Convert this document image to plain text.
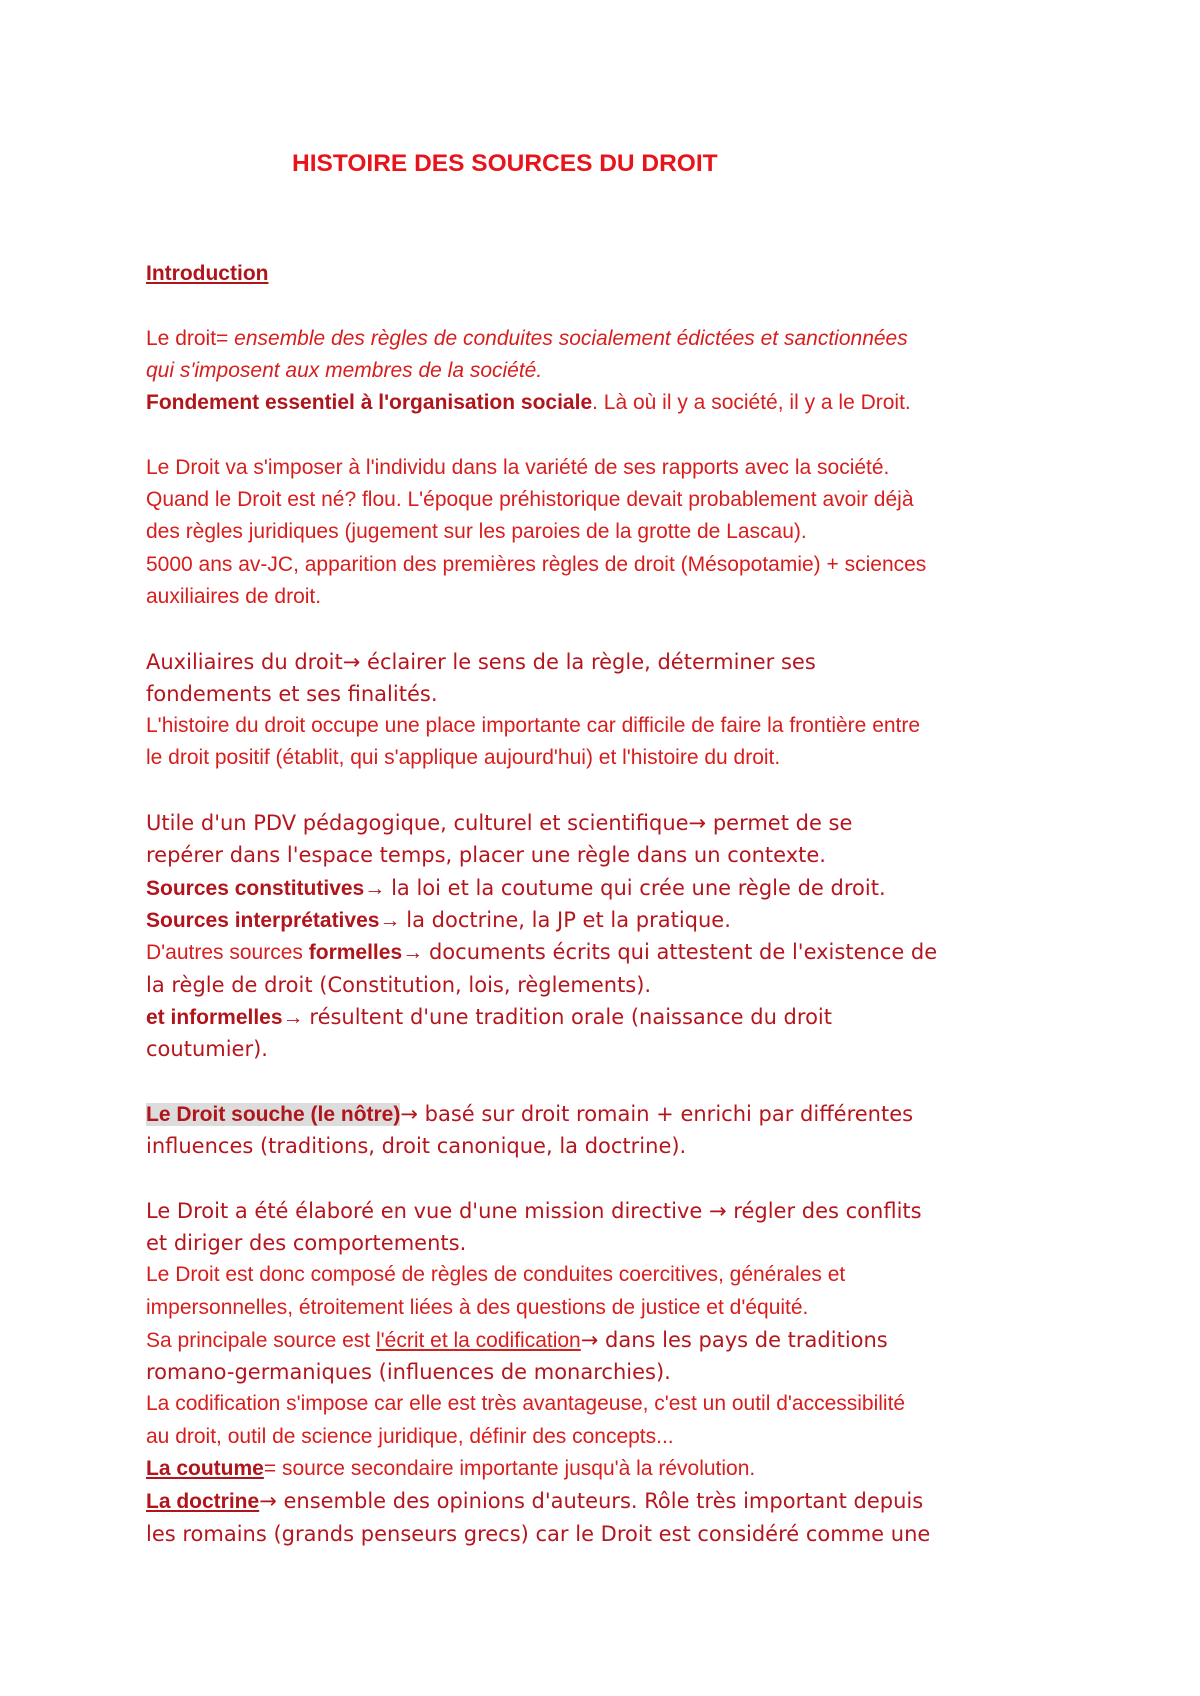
HISTOIRE DES SOURCES DU DROIT
Introduction
Le droit= ensemble des règles de conduites socialement édictées et sanctionnées
qui s'imposent aux membres de la société.
Fondement essentiel à l'organisation sociale. Là où il y a société, il y a le Droit.
Le Droit va s'imposer à l'individu dans la variété de ses rapports avec la société.
Quand le Droit est né? flou. L'époque préhistorique devait probablement avoir déjà
des règles juridiques (jugement sur les paroies de la grotte de Lascau).
5000 ans av-JC, apparition des premières règles de droit (Mésopotamie) + sciences
auxiliaires de droit.
Auxiliaires du droit→ éclairer le sens de la règle, déterminer ses
fondements et ses finalités.
L'histoire du droit occupe une place importante car difficile de faire la frontière entre
le droit positif (établit, qui s'applique aujourd'hui) et l'histoire du droit.
Utile d'un PDV pédagogique, culturel et scientifique→ permet de se
repérer dans l'espace temps, placer une règle dans un contexte.
Sources constitutives→ la loi et la coutume qui crée une règle de droit.
Sources interprétatives→ la doctrine, la JP et la pratique.
D'autres sources formelles→ documents écrits qui attestent de l'existence de
la règle de droit (Constitution, lois, règlements).
et informelles→ résultent d'une tradition orale (naissance du droit
coutumier).
Le Droit souche (le nôtre)→ basé sur droit romain + enrichi par différentes
influences (traditions, droit canonique, la doctrine).
Le Droit a été élaboré en vue d'une mission directive → régler des conflits
et diriger des comportements.
Le Droit est donc composé de règles de conduites coercitives, générales et
impersonnelles, étroitement liées à des questions de justice et d'équité.
Sa principale source est l'écrit et la codification→ dans les pays de traditions
romano-germaniques (influences de monarchies).
La codification s'impose car elle est très avantageuse, c'est un outil d'accessibilité
au droit, outil de science juridique, définir des concepts...
La coutume= source secondaire importante jusqu'à la révolution.
La doctrine→ ensemble des opinions d'auteurs. Rôle très important depuis
les romains (grands penseurs grecs) car le Droit est considéré comme une
